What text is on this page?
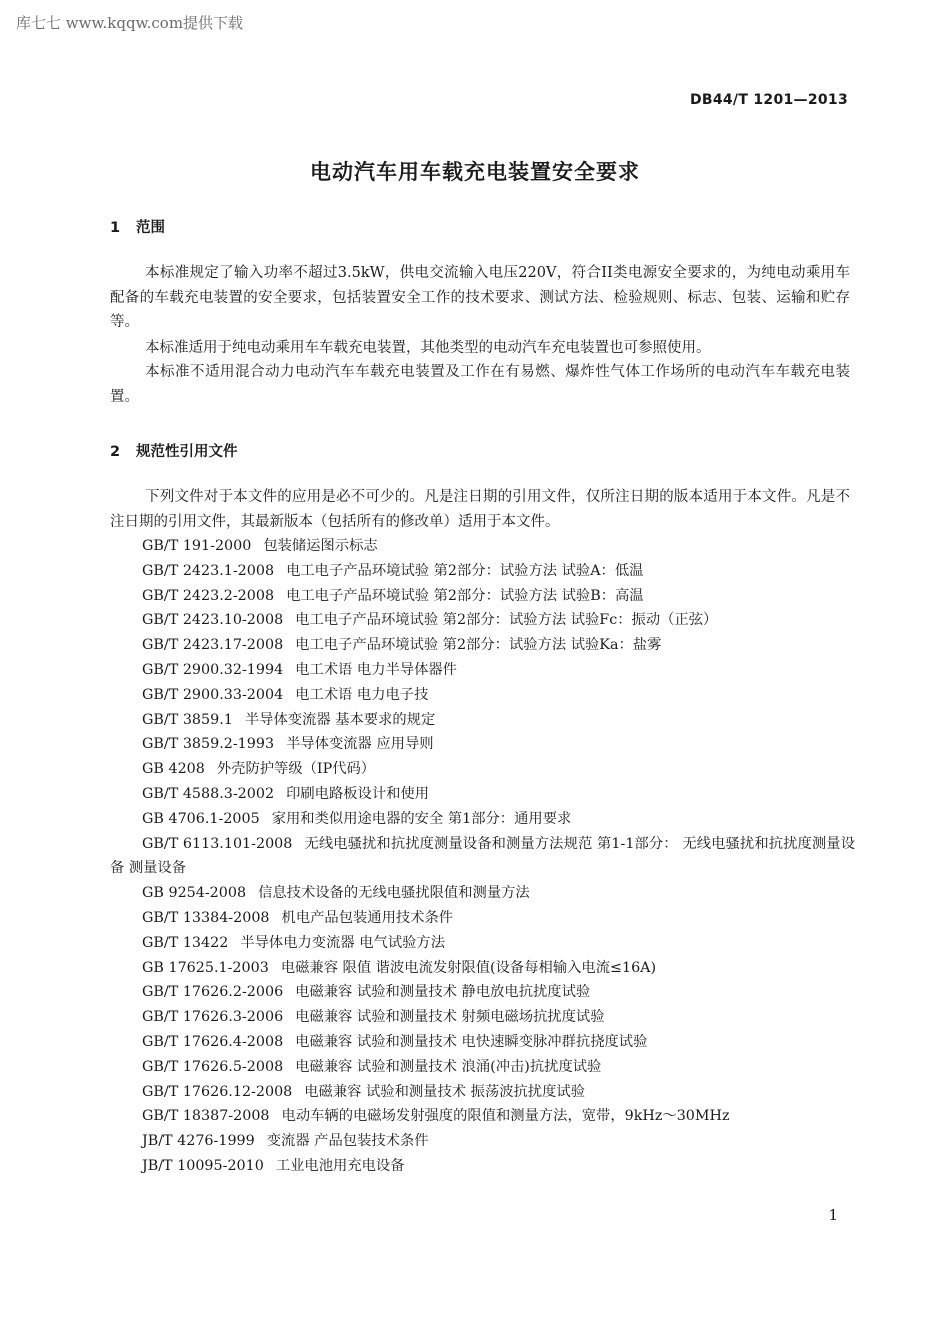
库七七 www.kqqw.com提供下载
DB44/T 1201—2013
电动汽车用车载充电装置安全要求
1 范围

本标准规定了输入功率不超过3.5kW，供电交流输入电压220V，符合II类电源安全要求的，为纯电动乘用车配备的车载充电装置的安全要求，包括装置安全工作的技术要求、测试方法、检验规则、标志、包装、运输和贮存等。

本标准适用于纯电动乘用车车载充电装置，其他类型的电动汽车充电装置也可参照使用。

本标准不适用混合动力电动汽车车载充电装置及工作在有易燃、爆炸性气体工作场所的电动汽车车载充电装置。

2 规范性引用文件

下列文件对于本文件的应用是必不可少的。凡是注日期的引用文件，仅所注日期的版本适用于本文件。凡是不注日期的引用文件，其最新版本（包括所有的修改单）适用于本文件。

GB/T 191-2000 包装储运图示标志
GB/T 2423.1-2008 电工电子产品环境试验 第2部分：试验方法 试验A：低温
GB/T 2423.2-2008 电工电子产品环境试验 第2部分：试验方法 试验B：高温
GB/T 2423.10-2008 电工电子产品环境试验 第2部分：试验方法 试验Fc：振动（正弦）
GB/T 2423.17-2008 电工电子产品环境试验 第2部分：试验方法 试验Ka：盐雾
GB/T 2900.32-1994 电工术语 电力半导体器件
GB/T 2900.33-2004 电工术语 电力电子技
GB/T 3859.1 半导体变流器 基本要求的规定
GB/T 3859.2-1993 半导体变流器 应用导则
GB 4208 外壳防护等级（IP代码）
GB/T 4588.3-2002 印刷电路板设计和使用
GB 4706.1-2005 家用和类似用途电器的安全 第1部分：通用要求
GB/T 6113.101-2008 无线电骚扰和抗扰度测量设备和测量方法规范 第1-1部分： 无线电骚扰和抗扰度测量设备 测量设备
GB 9254-2008 信息技术设备的无线电骚扰限值和测量方法
GB/T 13384-2008 机电产品包装通用技术条件
GB/T 13422 半导体电力变流器 电气试验方法
GB 17625.1-2003 电磁兼容 限值 谐波电流发射限值(设备每相输入电流≤16A)
GB/T 17626.2-2006 电磁兼容 试验和测量技术 静电放电抗扰度试验
GB/T 17626.3-2006 电磁兼容 试验和测量技术 射频电磁场抗扰度试验
GB/T 17626.4-2008 电磁兼容 试验和测量技术 电快速瞬变脉冲群抗挠度试验
GB/T 17626.5-2008 电磁兼容 试验和测量技术 浪涌(冲击)抗扰度试验
GB/T 17626.12-2008 电磁兼容 试验和测量技术 振荡波抗扰度试验
GB/T 18387-2008 电动车辆的电磁场发射强度的限值和测量方法，宽带，9kHz～30MHz
JB/T 4276-1999 变流器 产品包装技术条件
JB/T 10095-2010 工业电池用充电设备
1
